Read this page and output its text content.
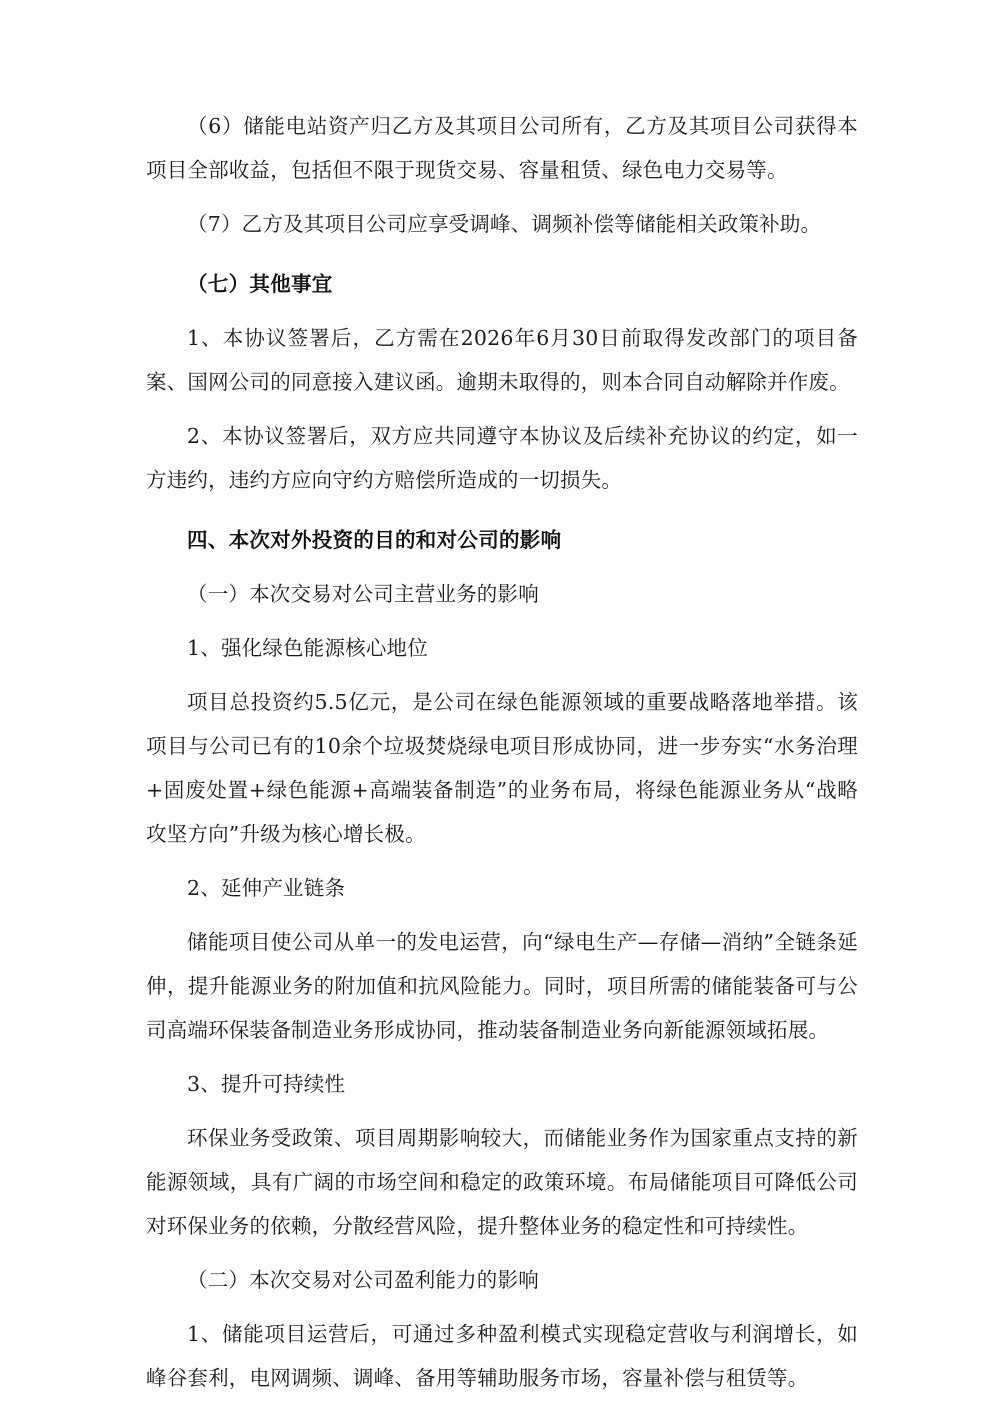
（6）储能电站资产归乙方及其项目公司所有，乙方及其项目公司获得本项目全部收益，包括但不限于现货交易、容量租赁、绿色电力交易等。

（7）乙方及其项目公司应享受调峰、调频补偿等储能相关政策补助。

（七）其他事宜

1、本协议签署后，乙方需在2026年6月30日前取得发改部门的项目备案、国网公司的同意接入建议函。逾期未取得的，则本合同自动解除并作废。

2、本协议签署后，双方应共同遵守本协议及后续补充协议的约定，如一方违约，违约方应向守约方赔偿所造成的一切损失。

四、本次对外投资的目的和对公司的影响

（一）本次交易对公司主营业务的影响

1、强化绿色能源核心地位

项目总投资约5.5亿元，是公司在绿色能源领域的重要战略落地举措。该项目与公司已有的10余个垃圾焚烧绿电项目形成协同，进一步夯实“水务治理+固废处置+绿色能源+高端装备制造”的业务布局，将绿色能源业务从“战略攻坚方向”升级为核心增长极。

2、延伸产业链条

储能项目使公司从单一的发电运营，向“绿电生产—存储—消纳”全链条延伸，提升能源业务的附加值和抗风险能力。同时，项目所需的储能装备可与公司高端环保装备制造业务形成协同，推动装备制造业务向新能源领域拓展。

3、提升可持续性

环保业务受政策、项目周期影响较大，而储能业务作为国家重点支持的新能源领域，具有广阔的市场空间和稳定的政策环境。布局储能项目可降低公司对环保业务的依赖，分散经营风险，提升整体业务的稳定性和可持续性。

（二）本次交易对公司盈利能力的影响

1、储能项目运营后，可通过多种盈利模式实现稳定营收与利润增长，如峰谷套利，电网调频、调峰、备用等辅助服务市场，容量补偿与租赁等。
